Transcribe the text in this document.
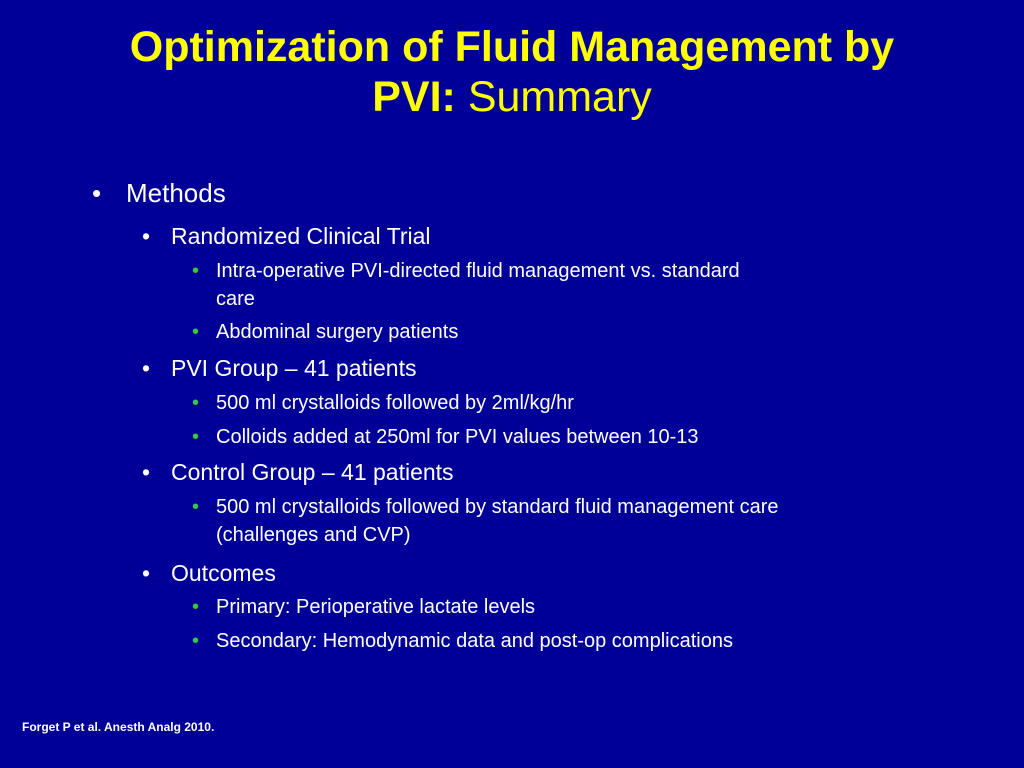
Optimization of Fluid Management by
PVI: Summary
• Methods
• Randomized Clinical Trial
• Intra-operative PVI-directed fluid management vs. standard
care
• Abdominal surgery patients
• PVI Group – 41 patients
• 500 ml crystalloids followed by 2ml/kg/hr
• Colloids added at 250ml for PVI values between 10-13
• Control Group – 41 patients
• 500 ml crystalloids followed by standard fluid management care
(challenges and CVP)
• Outcomes
• Primary: Perioperative lactate levels
• Secondary: Hemodynamic data and post-op complications
Forget P et al. Anesth Analg 2010.
